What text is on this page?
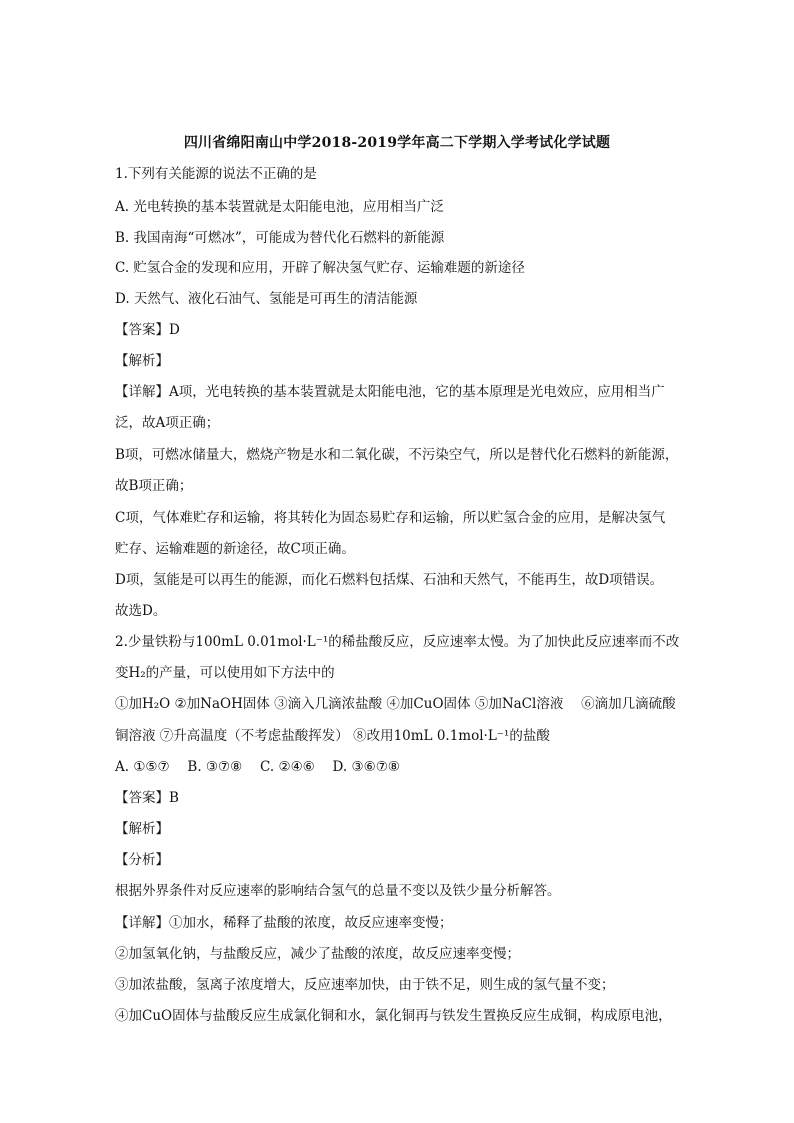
四川省绵阳南山中学2018-2019学年高二下学期入学考试化学试题
1.下列有关能源的说法不正确的是
A. 光电转换的基本装置就是太阳能电池，应用相当广泛
B. 我国南海“可燃冰”，可能成为替代化石燃料的新能源
C. 贮氢合金的发现和应用，开辟了解决氢气贮存、运输难题的新途径
D. 天然气、液化石油气、氢能是可再生的清洁能源
【答案】D
【解析】
【详解】A项，光电转换的基本装置就是太阳能电池，它的基本原理是光电效应，应用相当广
泛，故A项正确；
B项，可燃冰储量大，燃烧产物是水和二氧化碳，不污染空气，所以是替代化石燃料的新能源，
故B项正确；
C项，气体难贮存和运输，将其转化为固态易贮存和运输，所以贮氢合金的应用，是解决氢气
贮存、运输难题的新途径，故C项正确。
D项，氢能是可以再生的能源，而化石燃料包括煤、石油和天然气，不能再生，故D项错误。
故选D。
2.少量铁粉与100mL 0.01mol·L⁻¹的稀盐酸反应，反应速率太慢。为了加快此反应速率而不改
变H₂的产量，可以使用如下方法中的
①加H₂O ②加NaOH固体 ③滴入几滴浓盐酸 ④加CuO固体 ⑤加NaCl溶液　 ⑥滴加几滴硫酸
铜溶液 ⑦升高温度（不考虑盐酸挥发） ⑧改用10mL 0.1mol·L⁻¹的盐酸
A. ①⑤⑦　 B. ③⑦⑧　 C. ②④⑥　 D. ③⑥⑦⑧
【答案】B
【解析】
【分析】
根据外界条件对反应速率的影响结合氢气的总量不变以及铁少量分析解答。
【详解】①加水，稀释了盐酸的浓度，故反应速率变慢；
②加氢氧化钠，与盐酸反应，减少了盐酸的浓度，故反应速率变慢；
③加浓盐酸，氢离子浓度增大，反应速率加快，由于铁不足，则生成的氢气量不变；
④加CuO固体与盐酸反应生成氯化铜和水，氯化铜再与铁发生置换反应生成铜，构成原电池，
